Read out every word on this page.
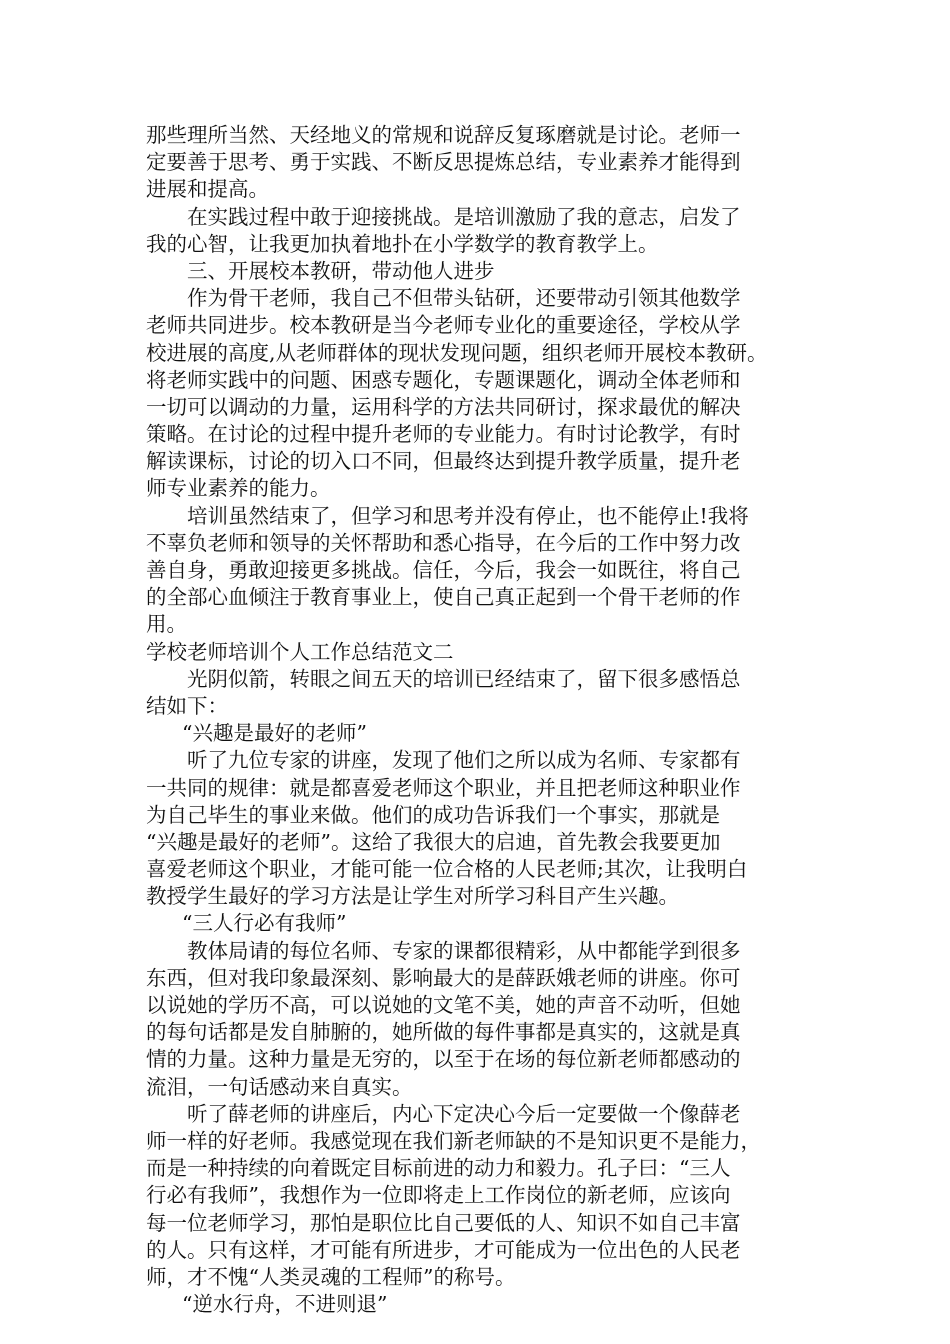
那些理所当然、天经地义的常规和说辞反复琢磨就是讨论。老师一
定要善于思考、勇于实践、不断反思提炼总结，专业素养才能得到
进展和提高。
在实践过程中敢于迎接挑战。是培训激励了我的意志，启发了
我的心智，让我更加执着地扑在小学数学的教育教学上。
三、开展校本教研，带动他人进步
作为骨干老师，我自己不但带头钻研，还要带动引领其他数学
老师共同进步。校本教研是当今老师专业化的重要途径，学校从学
校进展的高度,从老师群体的现状发现问题，组织老师开展校本教研。
将老师实践中的问题、困惑专题化，专题课题化，调动全体老师和
一切可以调动的力量，运用科学的方法共同研讨，探求最优的解决
策略。在讨论的过程中提升老师的专业能力。有时讨论教学，有时
解读课标，讨论的切入口不同，但最终达到提升教学质量，提升老
师专业素养的能力。
培训虽然结束了，但学习和思考并没有停止，也不能停止!我将
不辜负老师和领导的关怀帮助和悉心指导，在今后的工作中努力改
善自身，勇敢迎接更多挑战。信任，今后，我会一如既往，将自己
的全部心血倾注于教育事业上，使自己真正起到一个骨干老师的作
用。
学校老师培训个人工作总结范文二
光阴似箭，转眼之间五天的培训已经结束了，留下很多感悟总
结如下：
“兴趣是最好的老师”
听了九位专家的讲座，发现了他们之所以成为名师、专家都有
一共同的规律：就是都喜爱老师这个职业，并且把老师这种职业作
为自己毕生的事业来做。他们的成功告诉我们一个事实，那就是
“兴趣是最好的老师”。这给了我很大的启迪，首先教会我要更加
喜爱老师这个职业，才能可能一位合格的人民老师;其次，让我明白
教授学生最好的学习方法是让学生对所学习科目产生兴趣。
“三人行必有我师”
教体局请的每位名师、专家的课都很精彩，从中都能学到很多
东西，但对我印象最深刻、影响最大的是薛跃娥老师的讲座。你可
以说她的学历不高，可以说她的文笔不美，她的声音不动听，但她
的每句话都是发自肺腑的，她所做的每件事都是真实的，这就是真
情的力量。这种力量是无穷的，以至于在场的每位新老师都感动的
流泪，一句话感动来自真实。
听了薛老师的讲座后，内心下定决心今后一定要做一个像薛老
师一样的好老师。我感觉现在我们新老师缺的不是知识更不是能力，
而是一种持续的向着既定目标前进的动力和毅力。孔子曰：“三人
行必有我师”，我想作为一位即将走上工作岗位的新老师，应该向
每一位老师学习，那怕是职位比自己要低的人、知识不如自己丰富
的人。只有这样，才可能有所进步，才可能成为一位出色的人民老
师，才不愧“人类灵魂的工程师”的称号。
“逆水行舟，不进则退”
